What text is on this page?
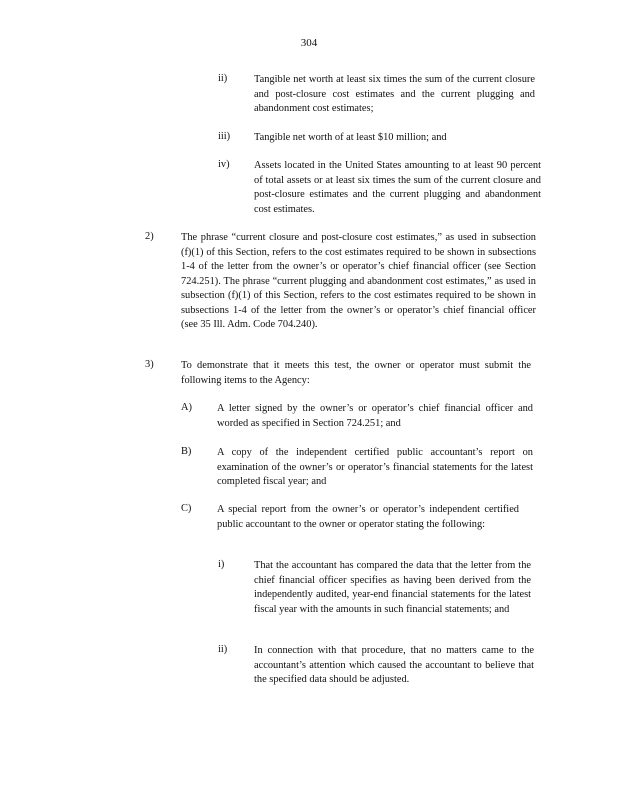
304
ii)	Tangible net worth at least six times the sum of the current closure and post-closure cost estimates and the current plugging and abandonment cost estimates;
iii) Tangible net worth of at least $10 million; and
iv) Assets located in the United States amounting to at least 90 percent of total assets or at least six times the sum of the current closure and post-closure estimates and the current plugging and abandonment cost estimates.
2)	The phrase “current closure and post-closure cost estimates,” as used in subsection (f)(1) of this Section, refers to the cost estimates required to be shown in subsections 1-4 of the letter from the owner’s or operator’s chief financial officer (see Section 724.251). The phrase “current plugging and abandonment cost estimates,” as used in subsection (f)(1) of this Section, refers to the cost estimates required to be shown in subsections 1-4 of the letter from the owner’s or operator’s chief financial officer (see 35 Ill. Adm. Code 704.240).
3)	To demonstrate that it meets this test, the owner or operator must submit the following items to the Agency:
A) A letter signed by the owner’s or operator’s chief financial officer and worded as specified in Section 724.251; and
B) A copy of the independent certified public accountant’s report on examination of the owner’s or operator’s financial statements for the latest completed fiscal year; and
C) A special report from the owner’s or operator’s independent certified public accountant to the owner or operator stating the following:
i)	That the accountant has compared the data that the letter from the chief financial officer specifies as having been derived from the independently audited, year-end financial statements for the latest fiscal year with the amounts in such financial statements; and
ii)	In connection with that procedure, that no matters came to the accountant’s attention which caused the accountant to believe that the specified data should be adjusted.
